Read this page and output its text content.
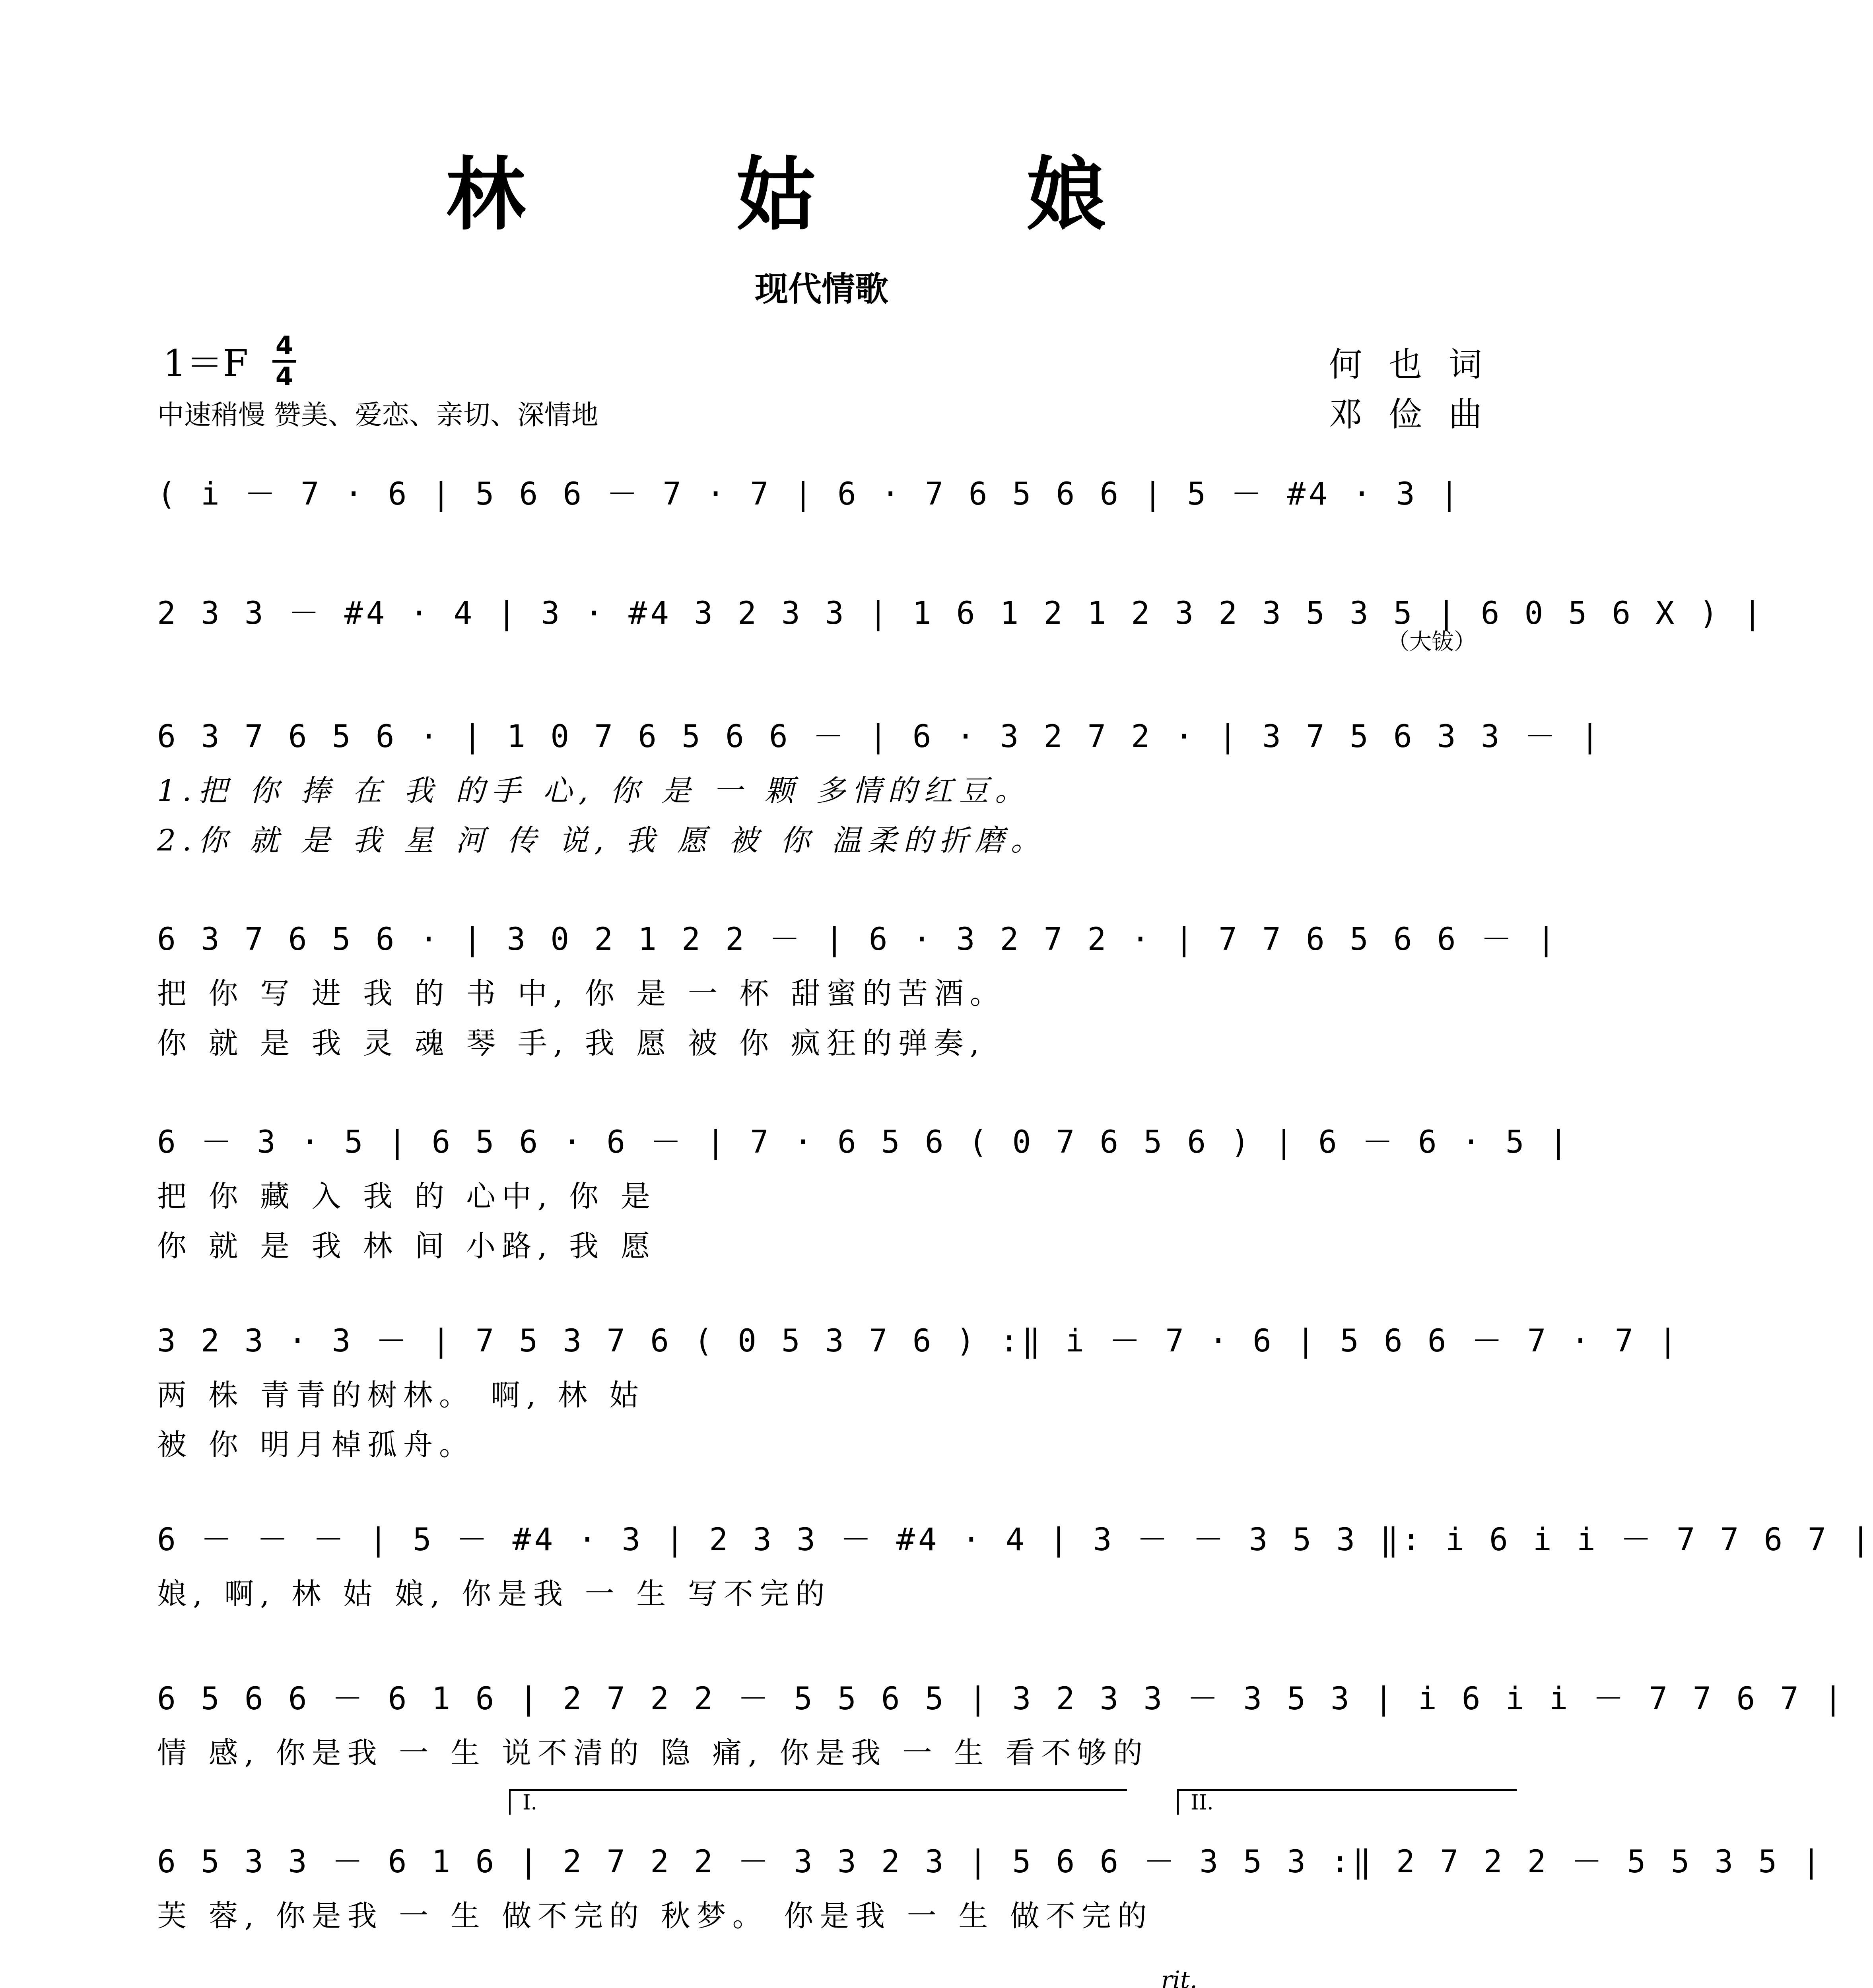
林 姑 娘
现代情歌
$1=F \frac{4}{4}$
中速稍慢 赞美、爱恋、亲切、深情地
何 也 词
邓 俭 曲
( i － 7 · 6 | 5 6 6 － 7 · 7 | 6 · 7 6 5 6 6 | 5 － #4 · 3 |
2 3 3 － #4 · 4 | 3 · #4 3 2 3 3 | 1 6 1 2 1 2 3 2 3 5 3 5 | 6 0 5 6 X ) |
（大钹）
6 3 7 6 5 6 · | 1 0 7 6 5 6 6 － | 6 · 3 2 7 2 · | 3 7 5 6 3 3 － |
1.把 你 捧 在 我 的手 心, 你 是 一 颗 多情的红豆。
2.你 就 是 我 星 河 传 说, 我 愿 被 你 温柔的折磨。
6 3 7 6 5 6 · | 3 0 2 1 2 2 － | 6 · 3 2 7 2 · | 7 7 6 5 6 6 － |
把 你 写 进 我 的 书 中, 你 是 一 杯 甜蜜的苦酒。
你 就 是 我 灵 魂 琴 手, 我 愿 被 你 疯狂的弹奏,
6 － 3 · 5 | 6 5 6 · 6 － | 7 · 6 5 6 ( 0 7 6 5 6 ) | 6 － 6 · 5 |
把 你 藏 入 我 的 心中, 你 是
你 就 是 我 林 间 小路, 我 愿
3 2 3 · 3 － | 7 5 3 7 6 ( 0 5 3 7 6 ) :‖ i － 7 · 6 | 5 6 6 － 7 · 7 |
两 株 青青的树林。 啊, 林 姑
被 你 明月棹孤舟。
6 － － － | 5 － #4 · 3 | 2 3 3 － #4 · 4 | 3 － － 3 5 3 ‖: i 6 i i － 7 7 6 7 |
娘, 啊, 林 姑 娘, 你是我 一 生 写不完的
6 5 6 6 － 6 1 6 | 2 7 2 2 － 5 5 6 5 | 3 2 3 3 － 3 5 3 | i 6 i i － 7 7 6 7 |
情 感, 你是我 一 生 说不清的 隐 痛, 你是我 一 生 看不够的
6 5 3 3 － 6 1 6 | 2 7 2 2 － 3 3 2 3 | 5 6 6 － 3 5 3 :‖ 2 7 2 2 － 5 5 3 5 |
I.	II.
芙 蓉, 你是我 一 生 做不完的 秋梦。 你是我 一 生 做不完的
rit.
